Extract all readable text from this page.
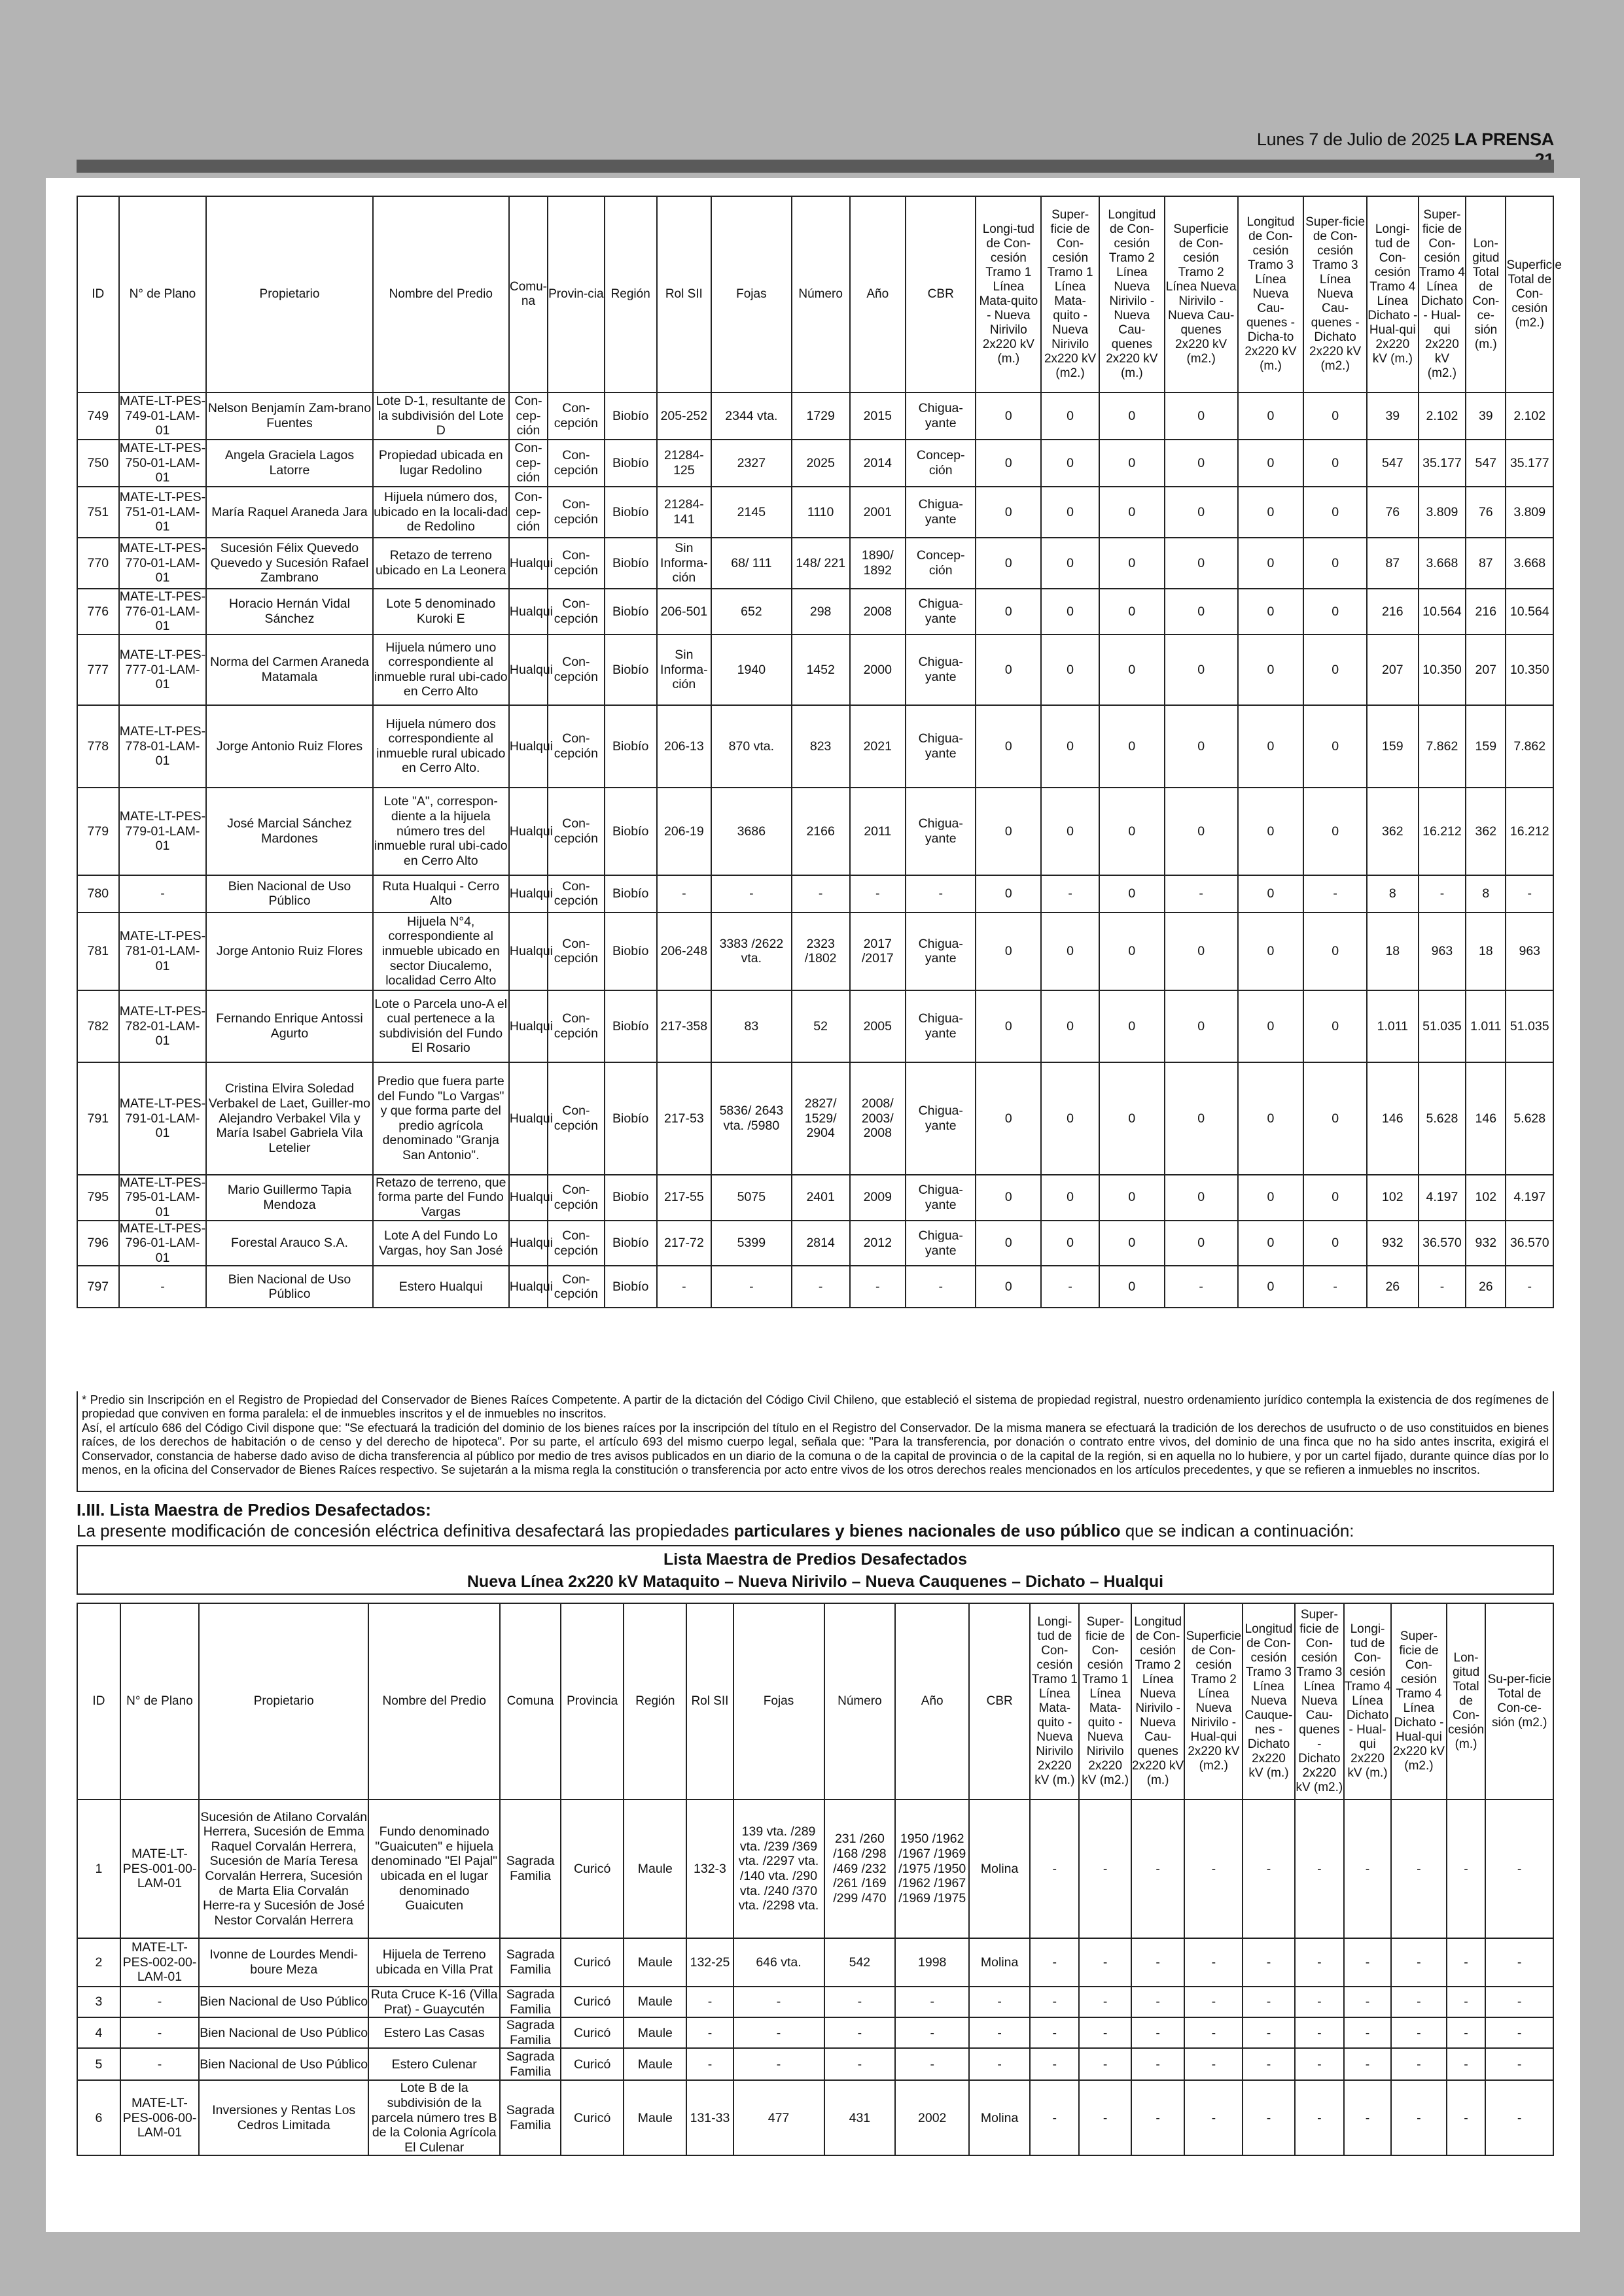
Lunes 7 de Julio de 2025 LA PRENSA
ID	N° de Plano	Propietario	Nombre del Predio	Comu-na	Provin-cia	Región	Rol SII	Fojas	Número	Año	CBR	Longi-tud de Con-cesión Tramo 1 Línea Mata-quito - Nueva Nirivilo 2x220 kV (m.)	Super-ficie de Con-cesión Tramo 1 Línea Mata-quito - Nueva Nirivilo 2x220 kV (m2.)	Longitud de Con-cesión Tramo 2 Línea Nueva Nirivilo - Nueva Cau-quenes 2x220 kV (m.)	Superficie de Con-cesión Tramo 2 Línea Nueva Nirivilo - Nueva Cau-quenes 2x220 kV (m2.)	Longitud de Con-cesión Tramo 3 Línea Nueva Cau-quenes - Dicha-to 2x220 kV (m.)	Super-ficie de Con-cesión Tramo 3 Línea Nueva Cau-quenes - Dichato 2x220 kV (m2.)	Longi-tud de Con-cesión Tramo 4 Línea Dichato - Hual-qui 2x220 kV (m.)	Super-ficie de Con-cesión Tramo 4 Línea Dichato - Hual-qui 2x220 kV (m2.)	Lon-gitud Total de Con-ce-sión (m.)	Superficie Total de Con-cesión (m2.)
749	MATE-LT-PES-749-01-LAM-01	Nelson Benjamín Zam-brano Fuentes	Lote D-1, resultante de la subdivisión del Lote D	Con-cep-ción	Con-cepción	Biobío	205-252	2344 vta.	1729	2015	Chigua-yante	0	0	0	0	0	0	39	2.102	39	2.102
750	MATE-LT-PES-750-01-LAM-01	Angela Graciela Lagos Latorre	Propiedad ubicada en lugar Redolino	Con-cep-ción	Con-cepción	Biobío	21284-125	2327	2025	2014	Concep-ción	0	0	0	0	0	0	547	35.177	547	35.177
751	MATE-LT-PES-751-01-LAM-01	María Raquel Araneda Jara	Hijuela número dos, ubicado en la locali-dad de Redolino	Con-cep-ción	Con-cepción	Biobío	21284-141	2145	1110	2001	Chigua-yante	0	0	0	0	0	0	76	3.809	76	3.809
770	MATE-LT-PES-770-01-LAM-01	Sucesión Félix Quevedo Quevedo y Sucesión Rafael Zambrano	Retazo de terreno ubicado en La Leonera	Hualqui	Con-cepción	Biobío	Sin Informa-ción	68/ 111	148/ 221	1890/ 1892	Concep-ción	0	0	0	0	0	0	87	3.668	87	3.668
776	MATE-LT-PES-776-01-LAM-01	Horacio Hernán Vidal Sánchez	Lote 5 denominado Kuroki E	Hualqui	Con-cepción	Biobío	206-501	652	298	2008	Chigua-yante	0	0	0	0	0	0	216	10.564	216	10.564
777	MATE-LT-PES-777-01-LAM-01	Norma del Carmen Araneda Matamala	Hijuela número uno correspondiente al inmueble rural ubi-cado en Cerro Alto	Hualqui	Con-cepción	Biobío	Sin Informa-ción	1940	1452	2000	Chigua-yante	0	0	0	0	0	0	207	10.350	207	10.350
778	MATE-LT-PES-778-01-LAM-01	Jorge Antonio Ruiz Flores	Hijuela número dos correspondiente al inmueble rural ubicado en Cerro Alto.	Hualqui	Con-cepción	Biobío	206-13	870 vta.	823	2021	Chigua-yante	0	0	0	0	0	0	159	7.862	159	7.862
779	MATE-LT-PES-779-01-LAM-01	José Marcial Sánchez Mardones	Lote "A", correspon-diente a la hijuela número tres del inmueble rural ubi-cado en Cerro Alto	Hualqui	Con-cepción	Biobío	206-19	3686	2166	2011	Chigua-yante	0	0	0	0	0	0	362	16.212	362	16.212
780	-	Bien Nacional de Uso Público	Ruta Hualqui - Cerro Alto	Hualqui	Con-cepción	Biobío	-	-	-	-	-	0	-	0	-	0	-	8	-	8	-
781	MATE-LT-PES-781-01-LAM-01	Jorge Antonio Ruiz Flores	Hijuela N°4, correspondiente al inmueble ubicado en sector Diucalemo, localidad Cerro Alto	Hualqui	Con-cepción	Biobío	206-248	3383 /2622 vta.	2323 /1802	2017 /2017	Chigua-yante	0	0	0	0	0	0	18	963	18	963
782	MATE-LT-PES-782-01-LAM-01	Fernando Enrique Antossi Agurto	Lote o Parcela uno-A el cual pertenece a la subdivisión del Fundo El Rosario	Hualqui	Con-cepción	Biobío	217-358	83	52	2005	Chigua-yante	0	0	0	0	0	0	1.011	51.035	1.011	51.035
791	MATE-LT-PES-791-01-LAM-01	Cristina Elvira Soledad Verbakel de Laet, Guiller-mo Alejandro Verbakel Vila y María Isabel Gabriela Vila Letelier	Predio que fuera parte del Fundo "Lo Vargas" y que forma parte del predio agrícola denominado "Granja San Antonio".	Hualqui	Con-cepción	Biobío	217-53	5836/ 2643 vta. /5980	2827/ 1529/ 2904	2008/ 2003/ 2008	Chigua-yante	0	0	0	0	0	0	146	5.628	146	5.628
795	MATE-LT-PES-795-01-LAM-01	Mario Guillermo Tapia Mendoza	Retazo de terreno, que forma parte del Fundo Vargas	Hualqui	Con-cepción	Biobío	217-55	5075	2401	2009	Chigua-yante	0	0	0	0	0	0	102	4.197	102	4.197
796	MATE-LT-PES-796-01-LAM-01	Forestal Arauco S.A.	Lote A del Fundo Lo Vargas, hoy San José	Hualqui	Con-cepción	Biobío	217-72	5399	2814	2012	Chigua-yante	0	0	0	0	0	0	932	36.570	932	36.570
797	-	Bien Nacional de Uso Público	Estero Hualqui	Hualqui	Con-cepción	Biobío	-	-	-	-	-	0	-	0	-	0	-	26	-	26	-

* Predio sin Inscripción en el Registro de Propiedad del Conservador de Bienes Raíces Competente. A partir de la dictación del Código Civil Chileno, que estableció el sistema de propiedad registral, nuestro ordenamiento jurídico contempla la existencia de dos regímenes de propiedad que conviven en forma paralela: el de inmuebles inscritos y el de inmuebles no inscritos.

Así, el artículo 686 del Código Civil dispone que: "Se efectuará la tradición del dominio de los bienes raíces por la inscripción del título en el Registro del Conservador. De la misma manera se efectuará la tradición de los derechos de usufructo o de uso constituidos en bienes raíces, de los derechos de habitación o de censo y del derecho de hipoteca". Por su parte, el artículo 693 del mismo cuerpo legal, señala que: "Para la transferencia, por donación o contrato entre vivos, del dominio de una finca que no ha sido antes inscrita, exigirá el Conservador, constancia de haberse dado aviso de dicha transferencia al público por medio de tres avisos publicados en un diario de la comuna o de la capital de provincia o de la capital de la región, si en aquella no lo hubiere, y por un cartel fijado, durante quince días por lo menos, en la oficina del Conservador de Bienes Raíces respectivo. Se sujetarán a la misma regla la constitución o transferencia por acto entre vivos de los otros derechos reales mencionados en los artículos precedentes, y que se refieren a inmuebles no inscritos.

I.III. Lista Maestra de Predios Desafectados:
La presente modificación de concesión eléctrica definitiva desafectará las propiedades particulares y bienes nacionales de uso público que se indican a continuación:
Lista Maestra de Predios Desafectados
Nueva Línea 2x220 kV Mataquito – Nueva Nirivilo – Nueva Cauquenes – Dichato – Hualqui
ID	N° de Plano	Propietario	Nombre del Predio	Comuna	Provincia	Región	Rol SII	Fojas	Número	Año	CBR	Longi-tud de Con-cesión Tramo 1 Línea Mata-quito - Nueva Nirivilo 2x220 kV (m.)	Super-ficie de Con-cesión Tramo 1 Línea Mata-quito - Nueva Nirivilo 2x220 kV (m2.)	Longitud de Con-cesión Tramo 2 Línea Nueva Nirivilo - Nueva Cau-quenes 2x220 kV (m.)	Superficie de Con-cesión Tramo 2 Línea Nueva Nirivilo - Hual-qui 2x220 kV (m2.)	Longitud de Con-cesión Tramo 3 Línea Nueva Cauque-nes - Dichato 2x220 kV (m.)	Super-ficie de Con-cesión Tramo 3 Línea Nueva Cau-quenes - Dichato 2x220 kV (m2.)	Longi-tud de Con-cesión Tramo 4 Línea Dichato - Hual-qui 2x220 kV (m.)	Super-ficie de Con-cesión Tramo 4 Línea Dichato - Hual-qui 2x220 kV (m2.)	Lon-gitud Total de Con-cesión (m.)	Su-per-ficie Total de Con-ce-sión (m2.)
1	MATE-LT-PES-001-00-LAM-01	Sucesión de Atilano Corvalán Herrera, Sucesión de Emma Raquel Corvalán Herrera, Sucesión de María Teresa Corvalán Herrera, Sucesión de Marta Elia Corvalán Herre-ra y Sucesión de José Nestor Corvalán Herrera	Fundo denominado "Guaicuten" e hijuela denominado "El Pajal" ubicada en el lugar denominado Guaicuten	Sagrada Familia	Curicó	Maule	132-3	139 vta. /289 vta. /239 /369 vta. /2297 vta. /140 vta. /290 vta. /240 /370 vta. /2298 vta.	231 /260 /168 /298 /469 /232 /261 /169 /299 /470	1950 /1962 /1967 /1969 /1975 /1950 /1962 /1967 /1969 /1975	Molina	-	-	-	-	-	-	-	-	-	-
2	MATE-LT-PES-002-00-LAM-01	Ivonne de Lourdes Mendi-boure Meza	Hijuela de Terreno ubicada en Villa Prat	Sagrada Familia	Curicó	Maule	132-25	646 vta.	542	1998	Molina	-	-	-	-	-	-	-	-	-	-
3	-	Bien Nacional de Uso Público	Ruta Cruce K-16 (Villa Prat) - Guaycutén	Sagrada Familia	Curicó	Maule	-	-	-	-	-	-	-	-	-	-	-	-	-	-	-
4	-	Bien Nacional de Uso Público	Estero Las Casas	Sagrada Familia	Curicó	Maule	-	-	-	-	-	-	-	-	-	-	-	-	-	-	-
5	-	Bien Nacional de Uso Público	Estero Culenar	Sagrada Familia	Curicó	Maule	-	-	-	-	-	-	-	-	-	-	-	-	-	-	-
6	MATE-LT-PES-006-00-LAM-01	Inversiones y Rentas Los Cedros Limitada	Lote B de la subdivisión de la parcela número tres B de la Colonia Agrícola El Culenar	Sagrada Familia	Curicó	Maule	131-33	477	431	2002	Molina	-	-	-	-	-	-	-	-	-	-
